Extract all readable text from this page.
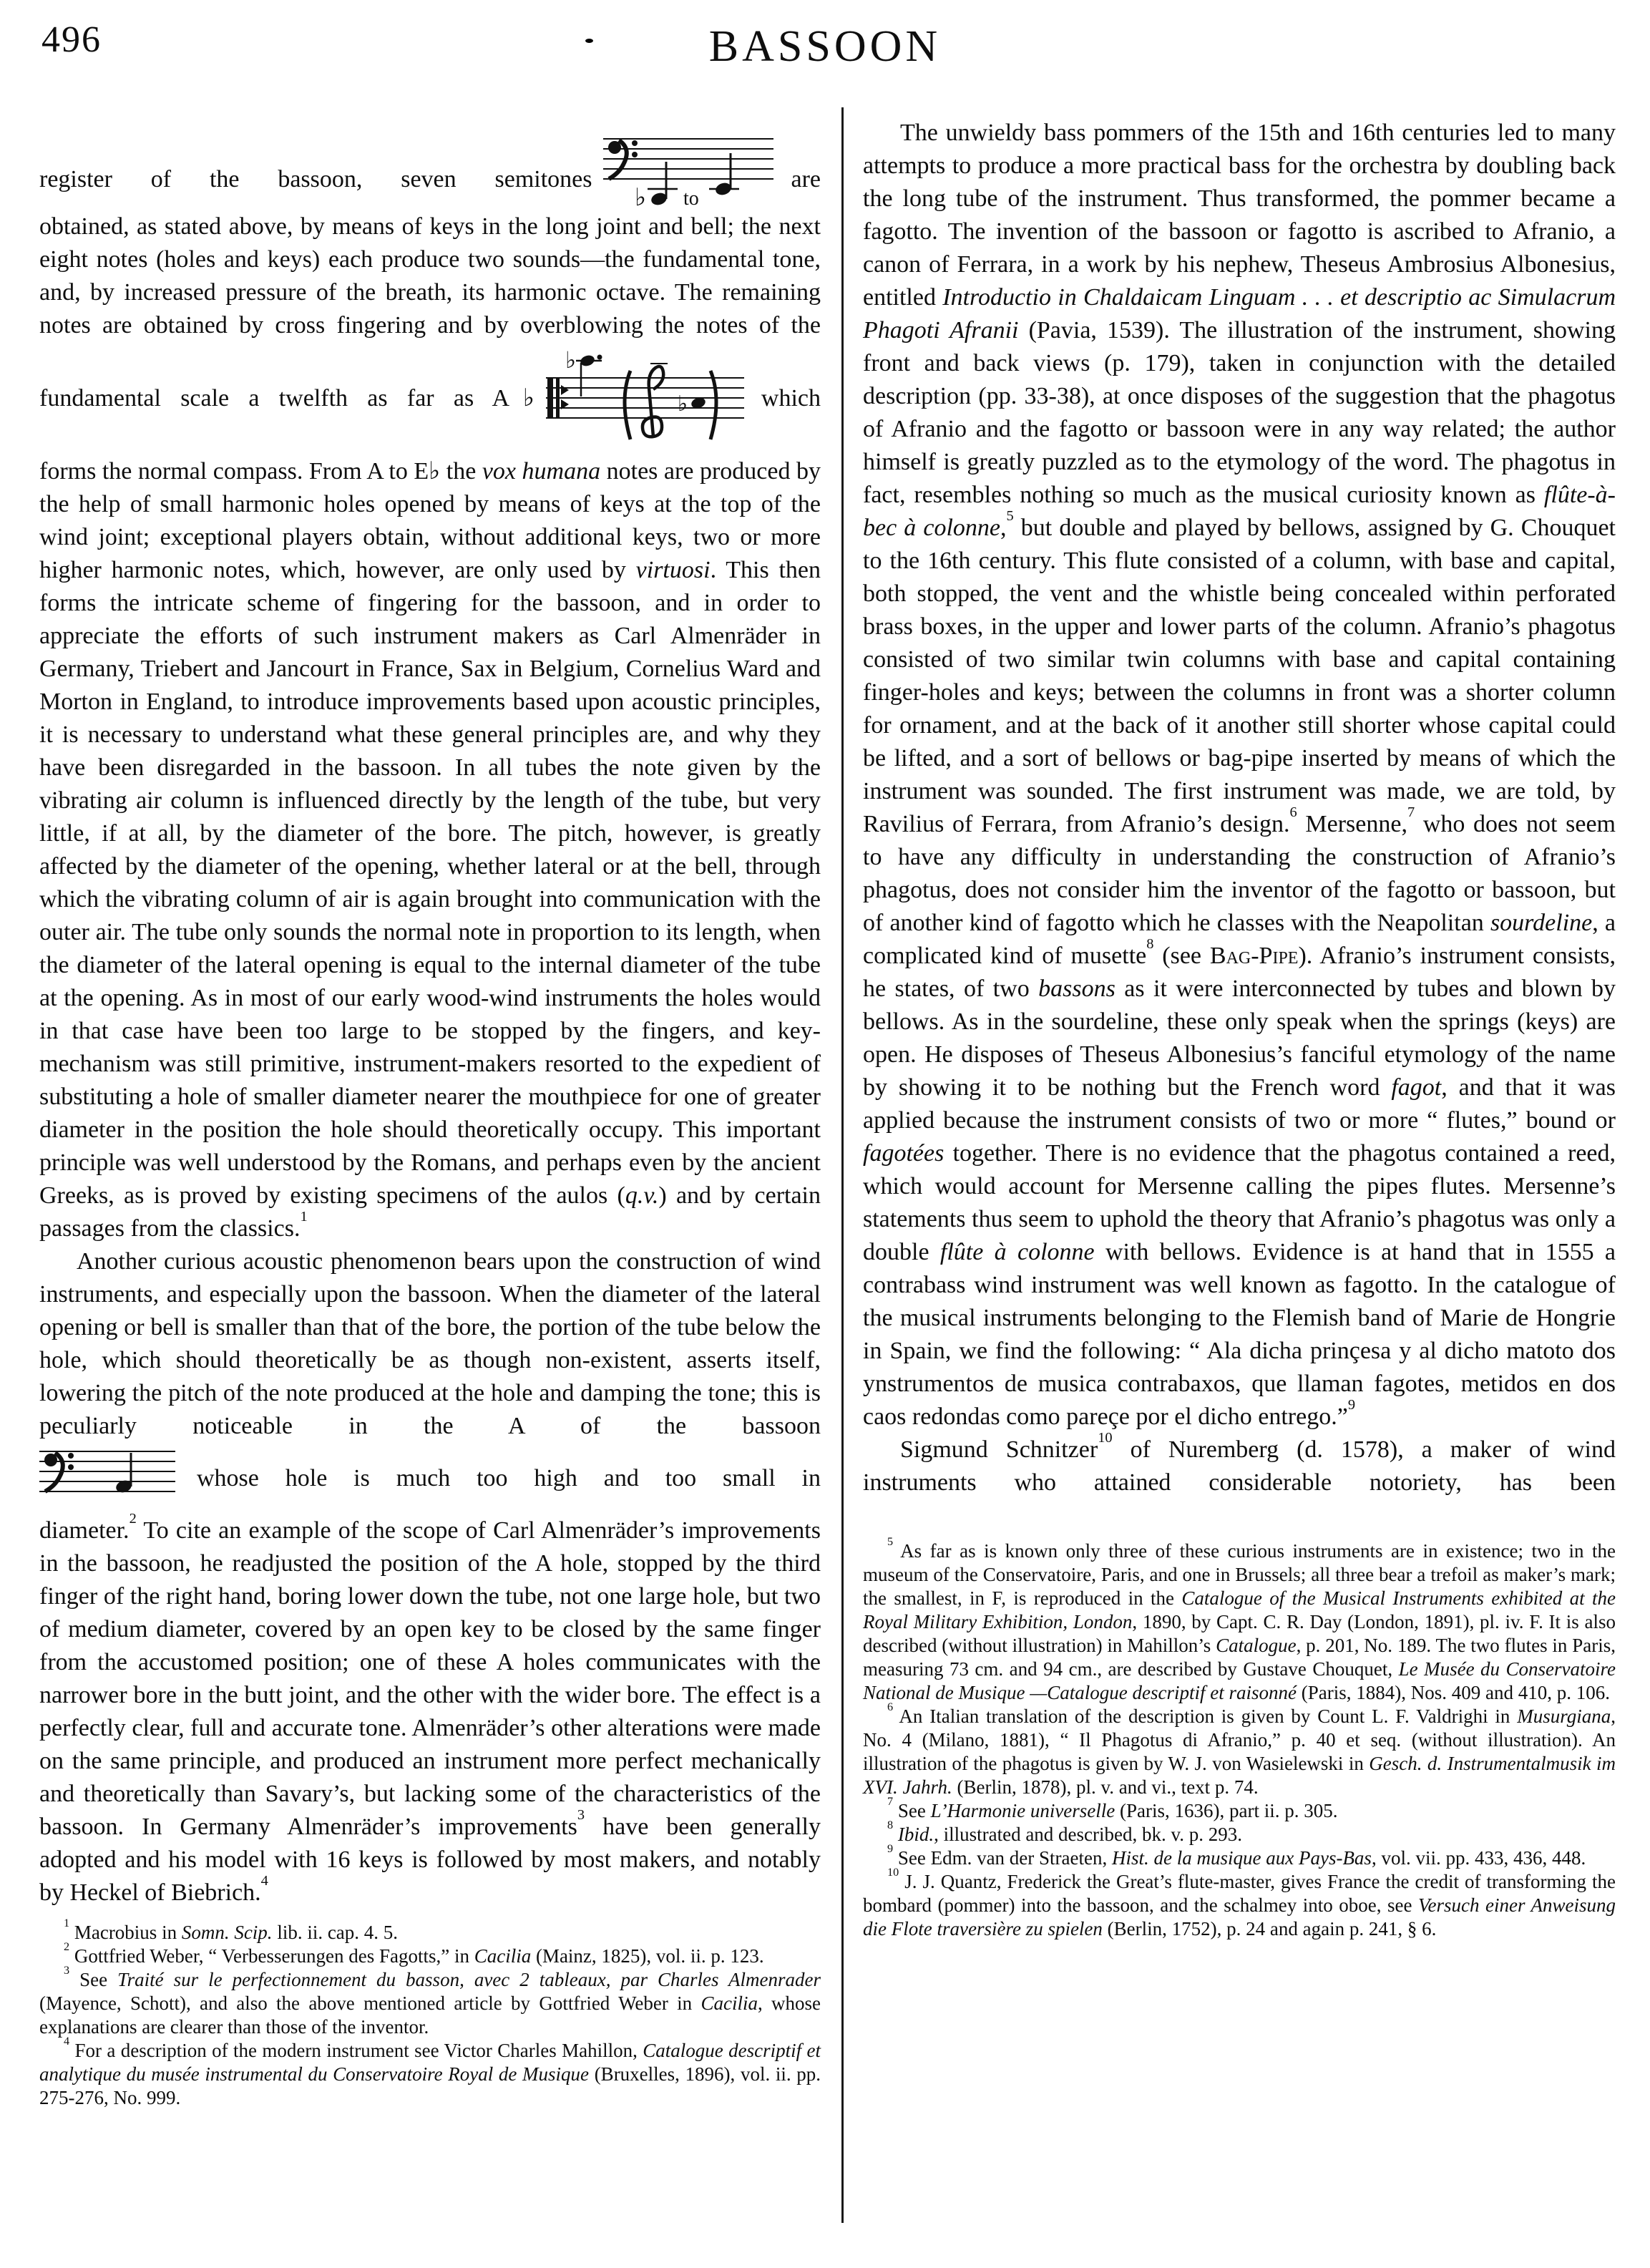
496	BASSOON
register of the bassoon, seven semitones
♭ to
are

obtained, as stated above, by means of keys in the long joint and bell; the next eight notes (holes and keys) each produce two sounds—the fundamental tone, and, by increased pressure of the breath, its harmonic octave. The remaining notes are obtained by cross fingering and by overblowing the notes of the

fundamental scale a twelfth as far as A♭
♭
♭	which

forms the normal compass. From A to E♭ the vox humana notes are produced by the help of small harmonic holes opened by means of keys at the top of the wind joint; exceptional players obtain, without additional keys, two or more higher harmonic notes, which, however, are only used by virtuosi. This then forms the intricate scheme of fingering for the bassoon, and in order to appreciate the efforts of such instrument makers as Carl Almenräder in Germany, Triebert and Jancourt in France, Sax in Belgium, Cornelius Ward and Morton in England, to introduce improvements based upon acoustic principles, it is necessary to understand what these general principles are, and why they have been disregarded in the bassoon. In all tubes the note given by the vibrating air column is influenced directly by the length of the tube, but very little, if at all, by the diameter of the bore. The pitch, however, is greatly affected by the diameter of the opening, whether lateral or at the bell, through which the vibrating column of air is again brought into communication with the outer air. The tube only sounds the normal note in proportion to its length, when the diameter of the lateral opening is equal to the internal diameter of the tube at the opening. As in most of our early wood-wind instruments the holes would in that case have been too large to be stopped by the fingers, and key-mechanism was still primitive, instrument-makers resorted to the expedient of substituting a hole of smaller diameter nearer the mouthpiece for one of greater diameter in the position the hole should theoretically occupy. This important principle was well understood by the Romans, and perhaps even by the ancient Greeks, as is proved by existing specimens of the aulos (q.v.) and by certain passages from the classics.$^1$

Another curious acoustic phenomenon bears upon the construction of wind instruments, and especially upon the bassoon. When the diameter of the lateral opening or bell is smaller than that of the bore, the portion of the tube below the hole, which should theoretically be as though non-existent, asserts itself, lowering the pitch of the note produced at the hole and damping the tone; this is peculiarly noticeable in the A of the bassoon

whose hole is much too high and too small in

diameter.$^2$ To cite an example of the scope of Carl Almenräder’s improvements in the bassoon, he readjusted the position of the A hole, stopped by the third finger of the right hand, boring lower down the tube, not one large hole, but two of medium diameter, covered by an open key to be closed by the same finger from the accustomed position; one of these A holes communicates with the narrower bore in the butt joint, and the other with the wider bore. The effect is a perfectly clear, full and accurate tone. Almenräder’s other alterations were made on the same principle, and produced an instrument more perfect mechanically and theoretically than Savary’s, but lacking some of the characteristics of the bassoon. In Germany Almenräder’s improvements$^3$ have been generally adopted and his model with 16 keys is followed by most makers, and notably by Heckel of Biebrich.$^4$

$^1$ Macrobius in Somn. Scip. lib. ii. cap. 4. 5.

$^2$ Gottfried Weber, “ Verbesserungen des Fagotts,” in Cacilia (Mainz, 1825), vol. ii. p. 123.

$^3$ See Traité sur le perfectionnement du basson, avec 2 tableaux, par Charles Almenrader (Mayence, Schott), and also the above mentioned article by Gottfried Weber in Cacilia, whose explanations are clearer than those of the inventor.

$^4$ For a description of the modern instrument see Victor Charles Mahillon, Catalogue descriptif et analytique du musée instrumental du Conservatoire Royal de Musique (Bruxelles, 1896), vol. ii. pp. 275-276, No. 999.

The unwieldy bass pommers of the 15th and 16th centuries led to many attempts to produce a more practical bass for the orchestra by doubling back the long tube of the instrument. Thus transformed, the pommer became a fagotto. The invention of the bassoon or fagotto is ascribed to Afranio, a canon of Ferrara, in a work by his nephew, Theseus Ambrosius Albonesius, entitled Introductio in Chaldaicam Linguam . . . et descriptio ac Simulacrum Phagoti Afranii (Pavia, 1539). The illustration of the instrument, showing front and back views (p. 179), taken in conjunction with the detailed description (pp. 33-38), at once disposes of the suggestion that the phagotus of Afranio and the fagotto or bassoon were in any way related; the author himself is greatly puzzled as to the etymology of the word. The phagotus in fact, resembles nothing so much as the musical curiosity known as flûte-à-bec à colonne,$^5$ but double and played by bellows, assigned by G. Chouquet to the 16th century. This flute consisted of a column, with base and capital, both stopped, the vent and the whistle being concealed within perforated brass boxes, in the upper and lower parts of the column. Afranio’s phagotus consisted of two similar twin columns with base and capital containing finger-holes and keys; between the columns in front was a shorter column for ornament, and at the back of it another still shorter whose capital could be lifted, and a sort of bellows or bag-pipe inserted by means of which the instrument was sounded. The first instrument was made, we are told, by Ravilius of Ferrara, from Afranio’s design.$^6$ Mersenne,$^7$ who does not seem to have any difficulty in understanding the construction of Afranio’s phagotus, does not consider him the inventor of the fagotto or bassoon, but of another kind of fagotto which he classes with the Neapolitan sourdeline, a complicated kind of musette$^8$ (see Bag-Pipe). Afranio’s instrument consists, he states, of two bassons as it were interconnected by tubes and blown by bellows. As in the sourdeline, these only speak when the springs (keys) are open. He disposes of Theseus Albonesius’s fanciful etymology of the name by showing it to be nothing but the French word fagot, and that it was applied because the instrument consists of two or more “ flutes,” bound or fagotées together. There is no evidence that the phagotus contained a reed, which would account for Mersenne calling the pipes flutes. Mersenne’s statements thus seem to uphold the theory that Afranio’s phagotus was only a double flûte à colonne with bellows. Evidence is at hand that in 1555 a contrabass wind instrument was well known as fagotto. In the catalogue of the musical instruments belonging to the Flemish band of Marie de Hongrie in Spain, we find the following: “ Ala dicha prinçesa y al dicho matoto dos ynstrumentos de musica contrabaxos, que llaman fagotes, metidos en dos caos redondas como pareçe por el dicho entrego.”$^9$

Sigmund Schnitzer$^{10}$ of Nuremberg (d. 1578), a maker of wind instruments who attained considerable notoriety, has been

$^5$ As far as is known only three of these curious instruments are in existence; two in the museum of the Conservatoire, Paris, and one in Brussels; all three bear a trefoil as maker’s mark; the smallest, in F, is reproduced in the Catalogue of the Musical Instruments exhibited at the Royal Military Exhibition, London, 1890, by Capt. C. R. Day (London, 1891), pl. iv. F. It is also described (without illustration) in Mahillon’s Catalogue, p. 201, No. 189. The two flutes in Paris, measuring 73 cm. and 94 cm., are described by Gustave Chouquet, Le Musée du Conservatoire National de Musique —Catalogue descriptif et raisonné (Paris, 1884), Nos. 409 and 410, p. 106.

$^6$ An Italian translation of the description is given by Count L. F. Valdrighi in Musurgiana, No. 4 (Milano, 1881), “ Il Phagotus di Afranio,” p. 40 et seq. (without illustration). An illustration of the phagotus is given by W. J. von Wasielewski in Gesch. d. Instrumentalmusik im XVI. Jahrh. (Berlin, 1878), pl. v. and vi., text p. 74.

$^7$ See L’Harmonie universelle (Paris, 1636), part ii. p. 305.

$^8$ Ibid., illustrated and described, bk. v. p. 293.

$^9$ See Edm. van der Straeten, Hist. de la musique aux Pays-Bas, vol. vii. pp. 433, 436, 448.

$^{10}$ J. J. Quantz, Frederick the Great’s flute-master, gives France the credit of transforming the bombard (pommer) into the bassoon, and the schalmey into oboe, see Versuch einer Anweisung die Flote traversière zu spielen (Berlin, 1752), p. 24 and again p. 241, § 6.
